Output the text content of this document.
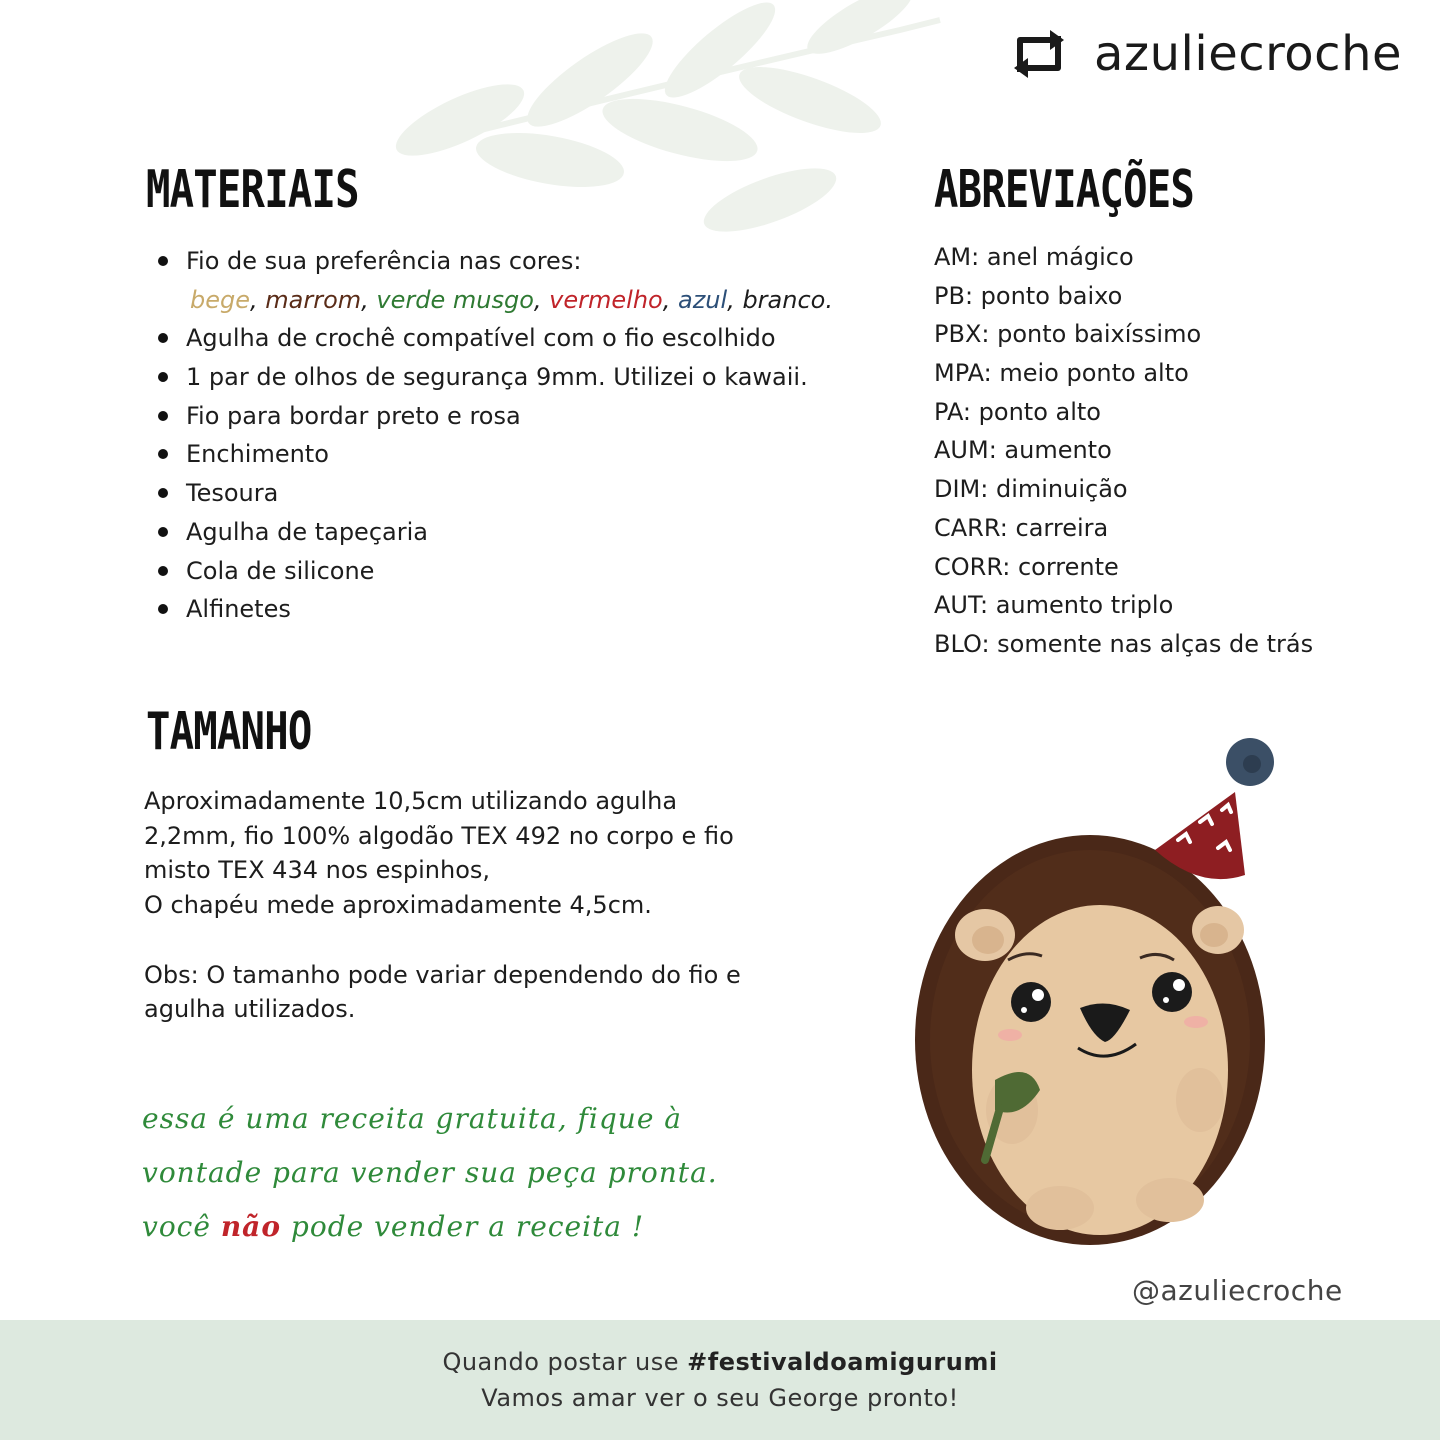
azuliecroche
MATERIAIS
Fio de sua preferência nas cores:
bege, marrom, verde musgo, vermelho, azul, branco.
Agulha de crochê compatível com o fio escolhido
1 par de olhos de segurança 9mm. Utilizei o kawaii.
Fio para bordar preto e rosa
Enchimento
Tesoura
Agulha de tapeçaria
Cola de silicone
Alfinetes
ABREVIAÇÕES
AM: anel mágico
PB: ponto baixo
PBX: ponto baixíssimo
MPA: meio ponto alto
PA: ponto alto
AUM: aumento
DIM: diminuição
CARR: carreira
CORR: corrente
AUT: aumento triplo
BLO: somente nas alças de trás
TAMANHO

Aproximadamente 10,5cm utilizando agulha

2,2mm, fio 100% algodão TEX 492 no corpo e fio

misto TEX 434 nos espinhos,

O chapéu mede aproximadamente 4,5cm.

Obs: O tamanho pode variar dependendo do fio e

agulha utilizados.

essa é uma receita gratuita, fique à
vontade para vender sua peça pronta.
você não pode vender a receita !
@azuliecroche
Quando postar use #festivaldoamigurumi
Vamos amar ver o seu George pronto!
